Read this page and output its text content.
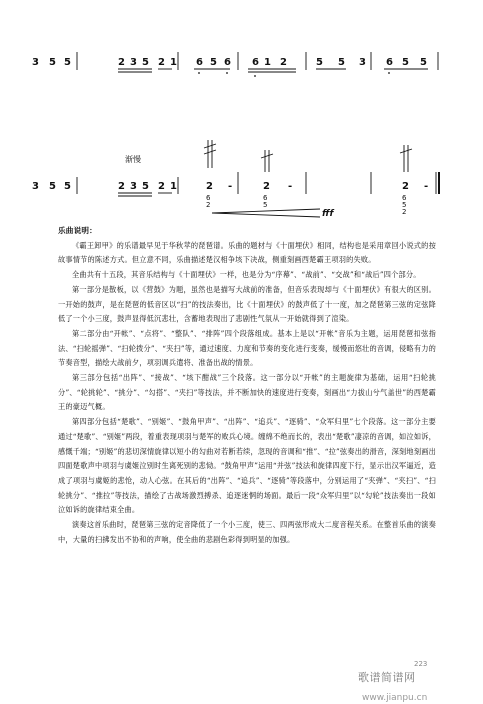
3 5 5	2 3 5 2 1 6 5 6 6 1 2	5 5 3 6 5 5
渐慢
3 5 5	2 3 5 2 1	2 -	2 -	2 -
6
2
6
5
6
5
2
fff

乐曲说明：

《霸王卸甲》的乐谱最早见于华秋苹的琵琶谱。乐曲的题材与《十面埋伏》相同，结构也是采用章回小说式的按故事情节的陈述方式。但立意不同，乐曲描述楚汉相争垓下决战，侧重刻画西楚霸王项羽的失败。

全曲共有十五段，其音乐结构与《十面埋伏》一样，也是分为“序幕”、“战前”、“交战”和“战后”四个部分。

第一部分是散板，以《营鼓》为题，虽然也是描写大战前的准备，但音乐表现却与《十面埋伏》有很大的区别。一开始的鼓声，是在琵琶的低音区以“扫”的技法奏出，比《十面埋伏》的鼓声低了十一度，加之琵琶第三弦的定弦降低了一个小三度，鼓声显得低沉悲壮，含蓄地表现出了悲剧性气氛从一开始就得到了渲染。

第二部分由“开帐”、“点将”、“整队”、“排阵”四个段落组成。基本上是以“开帐”音乐为主题，运用琵琶扣弦指法、“扫轮摇弹”、“扫轮拨分”、“夹扫”等，通过速度、力度和节奏的变化进行变奏，缓慢而悠壮的音调，侵略有力的节奏音型，描绘大战前夕，项羽调兵遣将、准备出战的情景。

第三部分包括“出阵”、“接战”、“垓下酣战”三个段落。这一部分以“开帐”的主题旋律为基础，运用“扫轮挑分”、“轮挑轮”、“挑分”、“勾搭”、“夹扫”等技法，并不断加快的速度进行变奏，刻画出“力拔山兮气盖世”的西楚霸王的豪迈气概。

第四部分包括“楚歌”、“别姬”、“鼓角甲声”、“出阵”、“追兵”、“逐骑”、“众军归里”七个段落。这一部分主要通过“楚歌”、“别姬”两段，着重表现项羽与楚军的败兵心境。缠绵不绝而长的，表出“楚歌”凄凉的音调，如泣如诉，感慨千端；“别姬”的悲切深情旋律以短小的勾曲对若断若续，忽现的音调和“推”、“拉”弦奏出的滑音，深刻地刻画出四面楚歌声中项羽与虞姬泣别时生离死别的悲恸。“鼓角甲声”运用“并弦”技法和旋律四度下行，显示出汉军逼近，造成了项羽与虞姬的悲怆，动人心弦。在其后的“出阵”、“追兵”、“逐骑”等段落中，分别运用了“夹弹”、“夹扫”、“扫轮挑分”、“推拉”等技法，描绘了古战场激烈搏杀、追逐迷惘的场面。最后一段“众军归里”以“勾轮”技法奏出一段如泣如诉的旋律结束全曲。

演奏这首乐曲时，琵琶第三弦的定音降低了一个小三度，使三、四两弦形成大二度音程关系。在整首乐曲的演奏中，大量的扫拂发出不协和的声响，使全曲的悲剧色彩得到明显的加强。

223
歌谱简谱网 www.jianpu.cn
